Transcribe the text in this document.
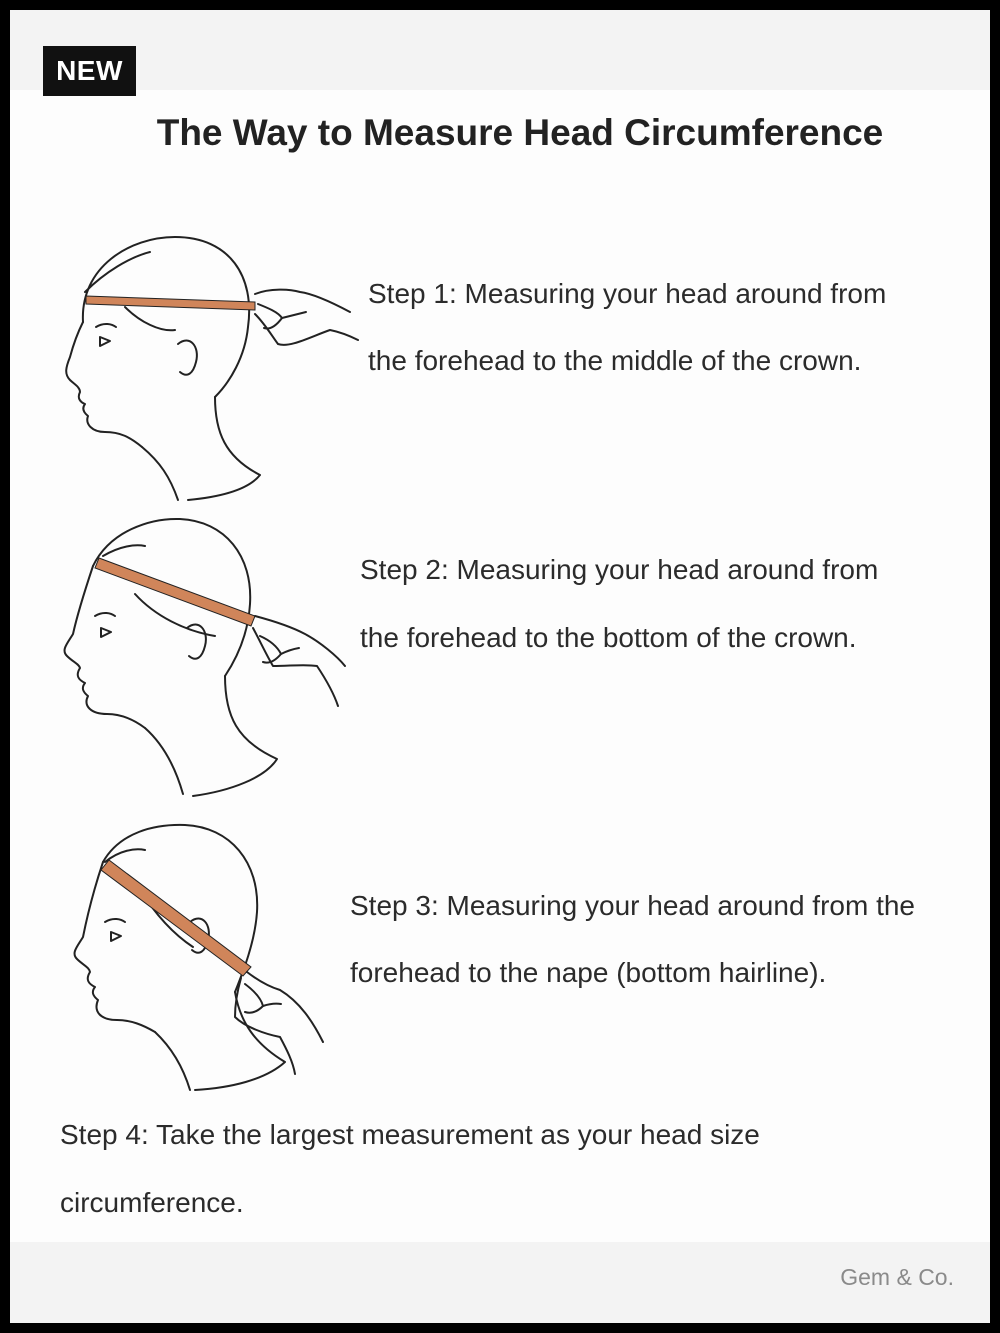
NEW
The Way to Measure Head Circumference
Step 1: Measuring your head around from
the forehead to the middle of the crown.
Step 2: Measuring your head around from
the forehead to the bottom of the crown.
Step 3: Measuring your head around from the
forehead to the nape (bottom hairline).
Step 4: Take the largest measurement as your head size
circumference.
Gem & Co.
